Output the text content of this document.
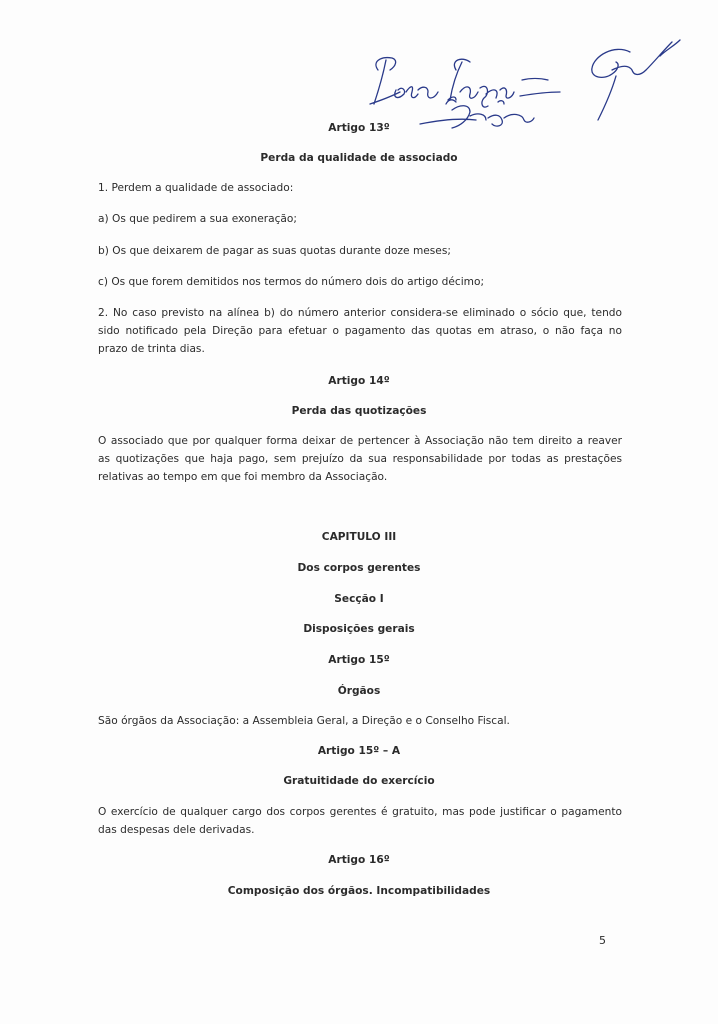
Artigo 13º
Perda da qualidade de associado
1. Perdem a qualidade de associado:
a) Os que pedirem a sua exoneração;
b) Os que deixarem de pagar as suas quotas durante doze meses;
c) Os que forem demitidos nos termos do número dois do artigo décimo;
2. No caso previsto na alínea b) do número anterior considera-se eliminado o sócio que, tendo
sido notificado pela Direção para efetuar o pagamento das quotas em atraso, o não faça no
prazo de trinta dias.
Artigo 14º
Perda das quotizações
O associado que por qualquer forma deixar de pertencer à Associação não tem direito a reaver
as quotizações que haja pago, sem prejuízo da sua responsabilidade por todas as prestações
relativas ao tempo em que foi membro da Associação.
CAPITULO III
Dos corpos gerentes
Secção I
Disposições gerais
Artigo 15º
Órgãos
São órgãos da Associação: a Assembleia Geral, a Direção e o Conselho Fiscal.
Artigo 15º – A
Gratuitidade do exercício
O exercício de qualquer cargo dos corpos gerentes é gratuito, mas pode justificar o pagamento
das despesas dele derivadas.
Artigo 16º
Composição dos órgãos. Incompatibilidades
5
